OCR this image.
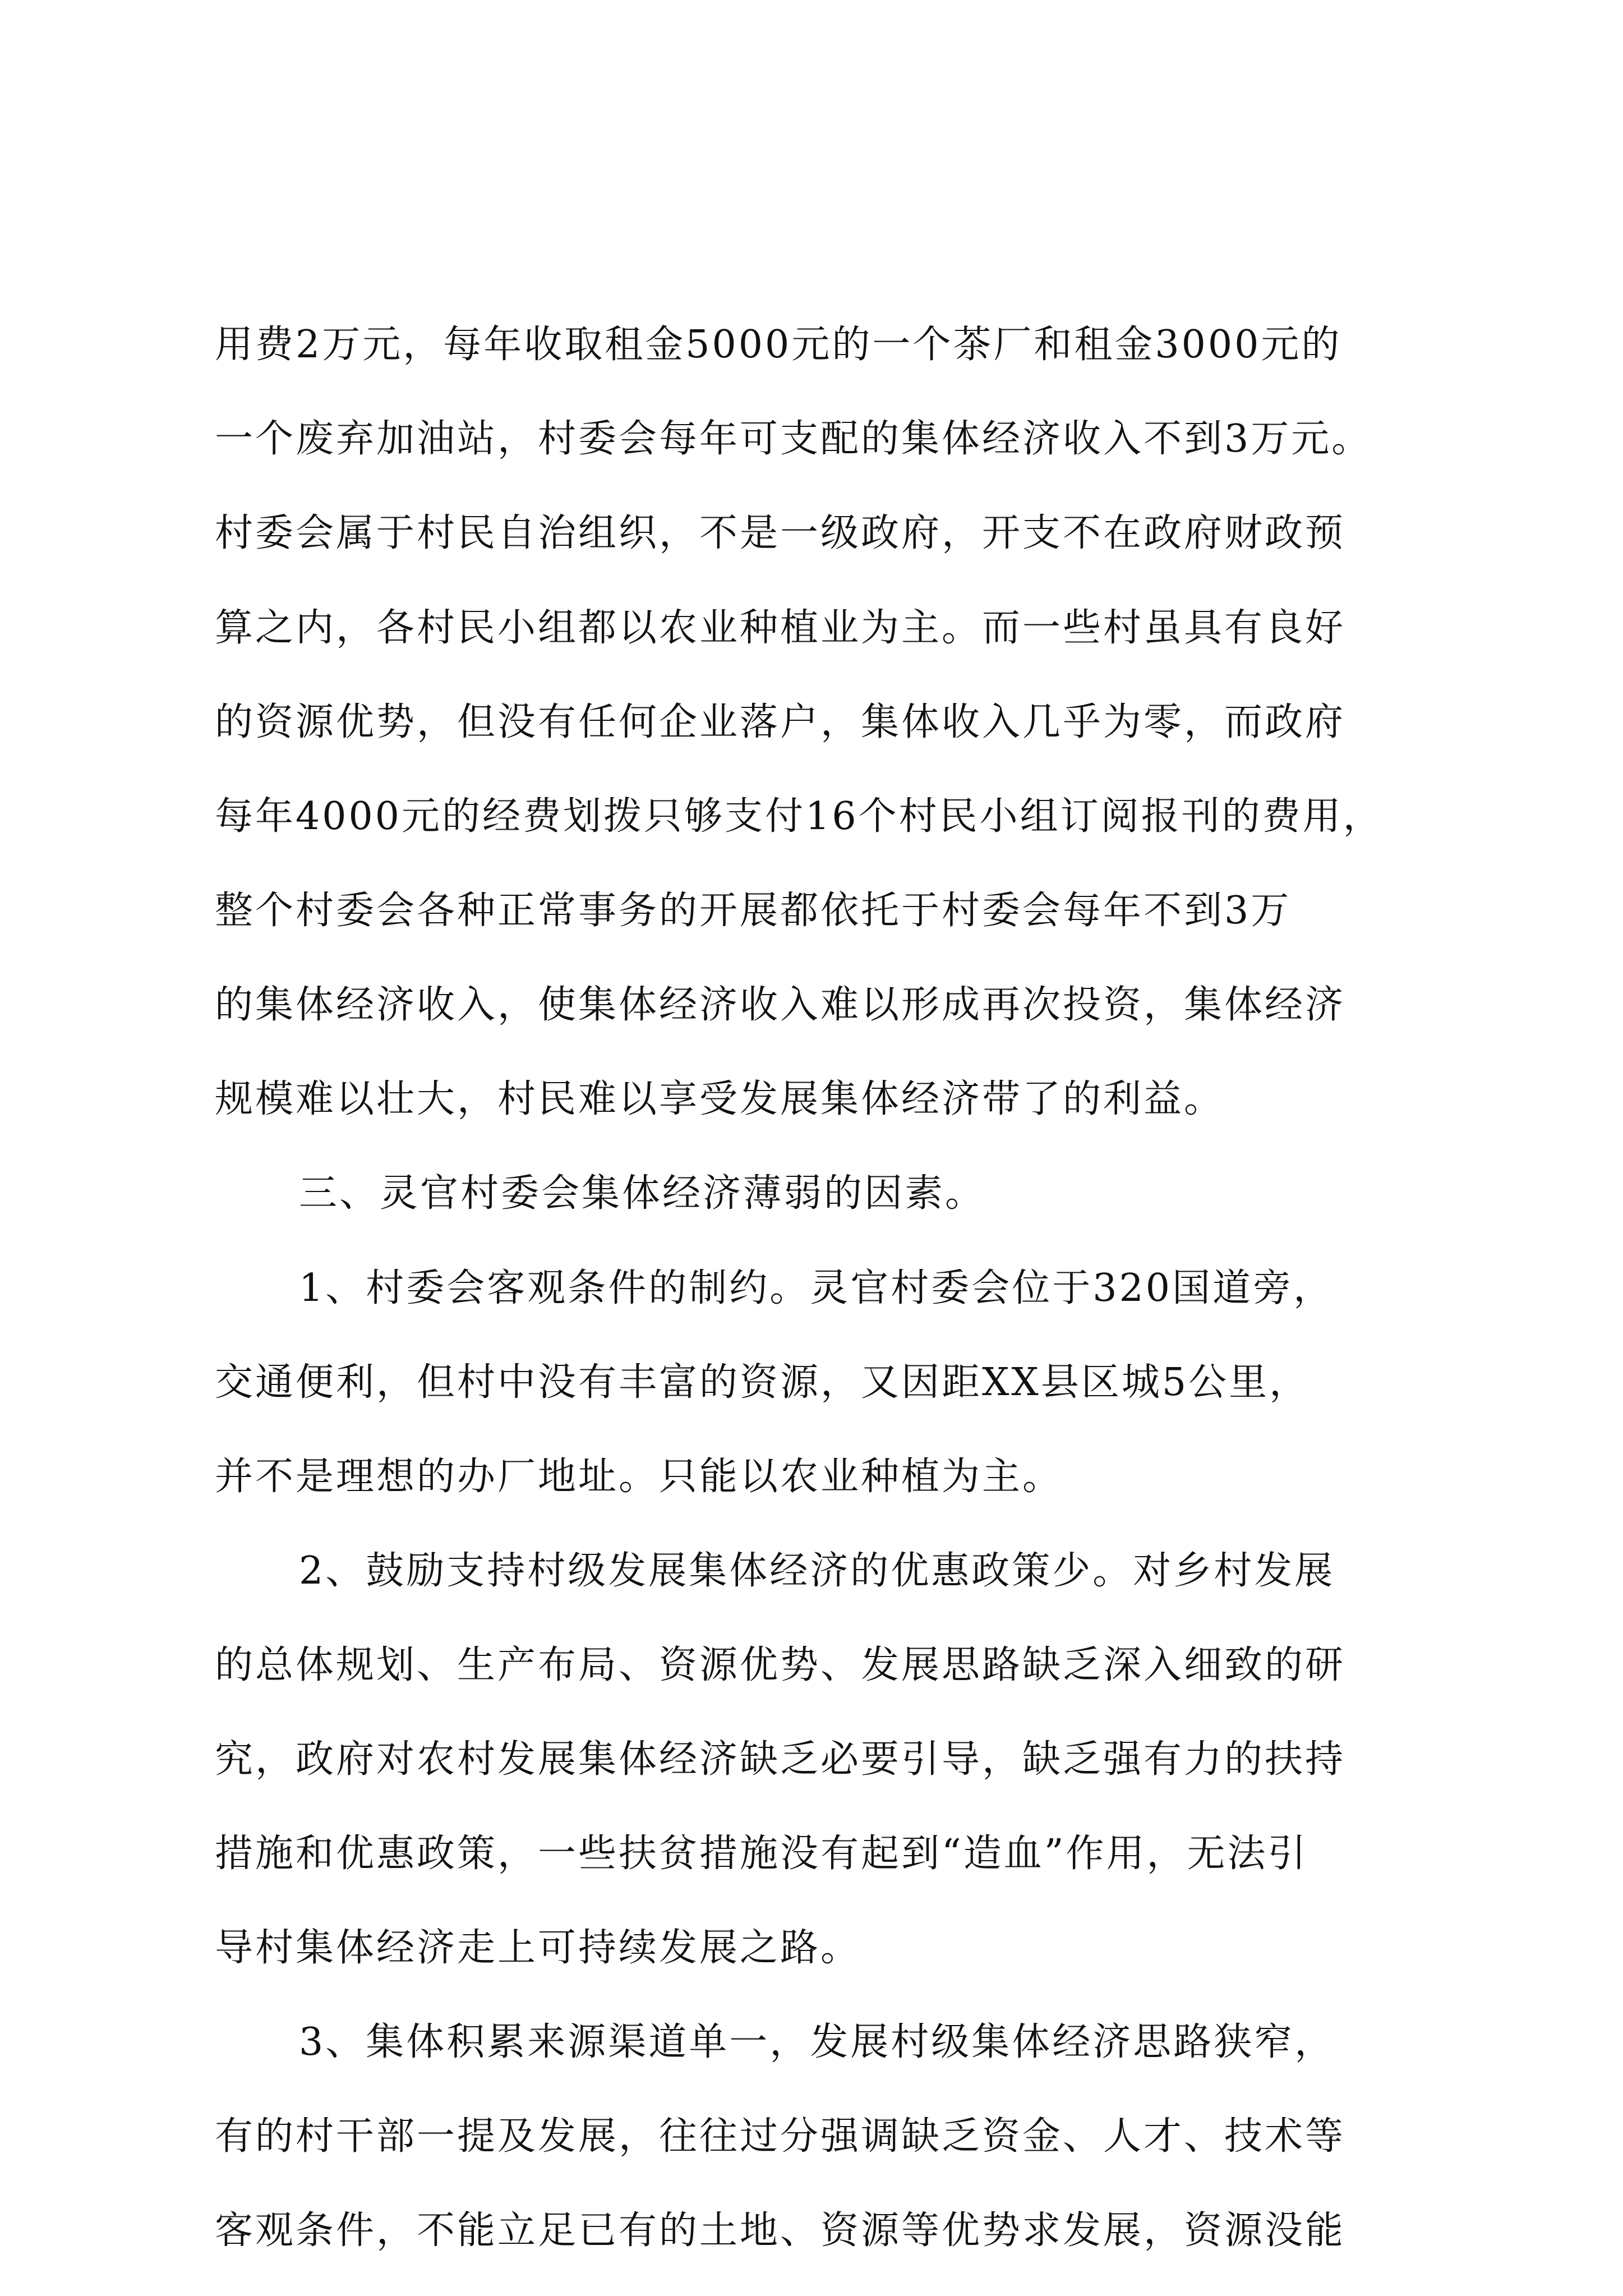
用费2万元，每年收取租金5000元的一个茶厂和租金3000元的
一个废弃加油站，村委会每年可支配的集体经济收入不到3万元。
村委会属于村民自治组织，不是一级政府，开支不在政府财政预
算之内，各村民小组都以农业种植业为主。而一些村虽具有良好
的资源优势，但没有任何企业落户，集体收入几乎为零，而政府
每年4000元的经费划拨只够支付16个村民小组订阅报刊的费用，
整个村委会各种正常事务的开展都依托于村委会每年不到3万
的集体经济收入，使集体经济收入难以形成再次投资，集体经济
规模难以壮大，村民难以享受发展集体经济带了的利益。
三、灵官村委会集体经济薄弱的因素。
1、村委会客观条件的制约。灵官村委会位于320国道旁，
交通便利，但村中没有丰富的资源，又因距XX县区城5公里，
并不是理想的办厂地址。只能以农业种植为主。
2、鼓励支持村级发展集体经济的优惠政策少。对乡村发展
的总体规划、生产布局、资源优势、发展思路缺乏深入细致的研
究，政府对农村发展集体经济缺乏必要引导，缺乏强有力的扶持
措施和优惠政策，一些扶贫措施没有起到“造血”作用，无法引
导村集体经济走上可持续发展之路。
3、集体积累来源渠道单一，发展村级集体经济思路狭窄，
有的村干部一提及发展，往往过分强调缺乏资金、人才、技术等
客观条件，不能立足已有的土地、资源等优势求发展，资源没能
